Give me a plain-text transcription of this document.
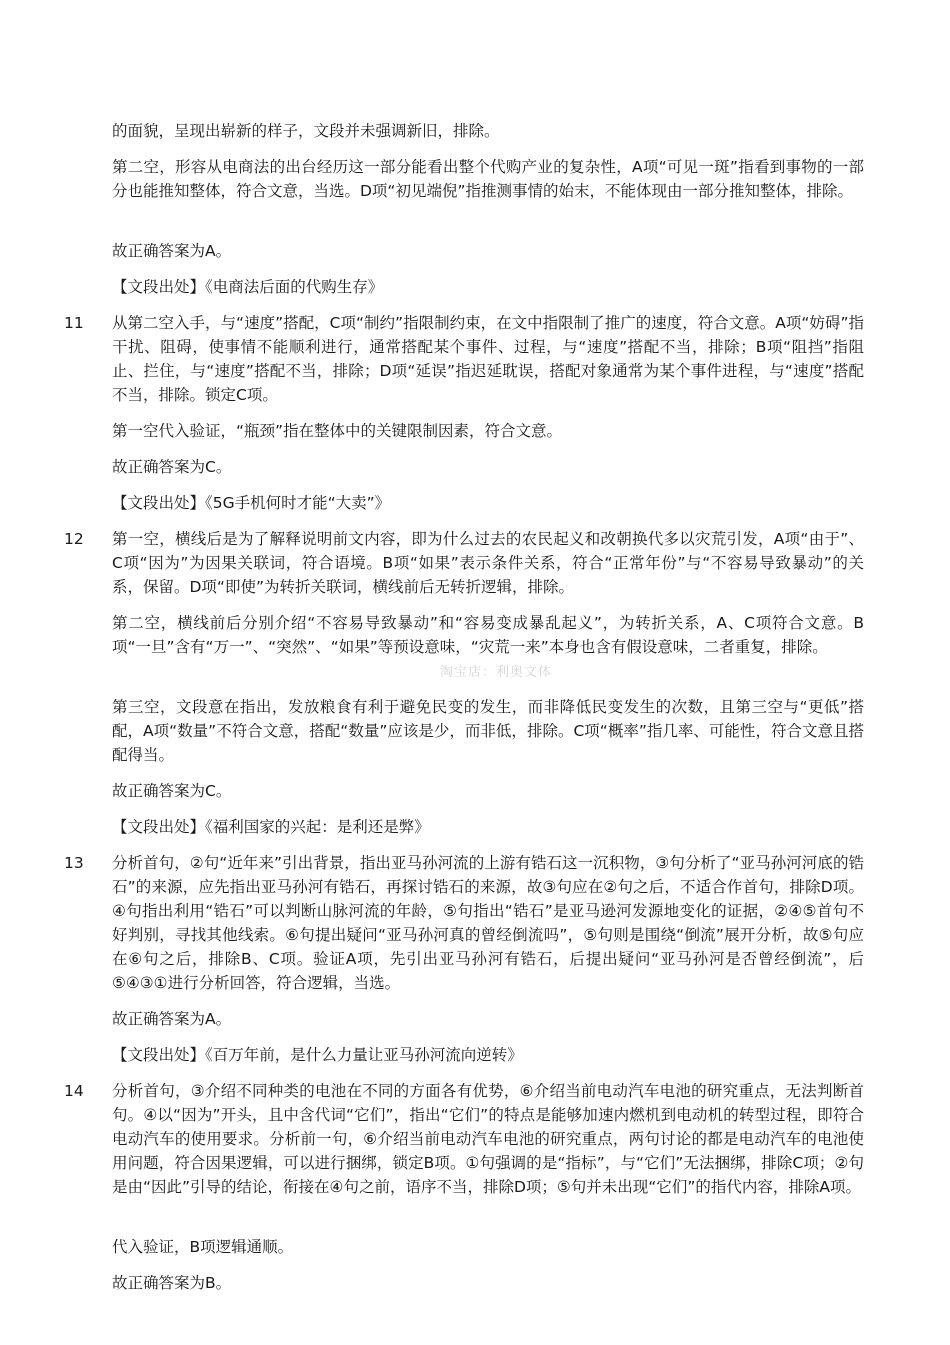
的面貌，呈现出崭新的样子，文段并未强调新旧，排除。

第二空，形容从电商法的出台经历这一部分能看出整个代购产业的复杂性，A项“可见一斑”指看到事物的一部分也能推知整体，符合文意，当选。D项“初见端倪”指推测事情的始末，不能体现由一部分推知整体，排除。

故正确答案为A。

【文段出处】《电商法后面的代购生存》

11 从第二空入手，与“速度”搭配，C项“制约”指限制约束，在文中指限制了推广的速度，符合文意。A项“妨碍”指干扰、阻碍，使事情不能顺利进行，通常搭配某个事件、过程，与“速度”搭配不当，排除；B项“阻挡”指阻止、拦住，与“速度”搭配不当，排除；D项“延误”指迟延耽误，搭配对象通常为某个事件进程，与“速度”搭配不当，排除。锁定C项。

第一空代入验证，“瓶颈”指在整体中的关键限制因素，符合文意。

故正确答案为C。

【文段出处】《5G手机何时才能“大卖”》

12 第一空，横线后是为了解释说明前文内容，即为什么过去的农民起义和改朝换代多以灾荒引发，A项“由于”、 C项“因为”为因果关联词，符合语境。B项“如果”表示条件关系，符合“正常年份”与“不容易导致暴动”的关系，保留。D项“即使”为转折关联词，横线前后无转折逻辑，排除。

第二空，横线前后分别介绍“不容易导致暴动”和“容易变成暴乱起义”，为转折关系，A、C项符合文意。B项“一旦”含有“万一”、“突然”、“如果”等预设意味，“灾荒一来”本身也含有假设意味，二者重复，排除。

第三空，文段意在指出，发放粮食有利于避免民变的发生，而非降低民变发生的次数，且第三空与“更低”搭配，A项“数量”不符合文意，搭配“数量”应该是少，而非低，排除。C项“概率”指几率、可能性，符合文意且搭配得当。

故正确答案为C。

【文段出处】《福利国家的兴起：是利还是弊》

13 分析首句，②句“近年来”引出背景，指出亚马孙河流的上游有锆石这一沉积物，③句分析了“亚马孙河河底的锆石”的来源，应先指出亚马孙河有锆石，再探讨锆石的来源，故③句应在②句之后，不适合作首句，排除D项。④句指出利用“锆石”可以判断山脉河流的年龄，⑤句指出“锆石”是亚马逊河发源地变化的证据，②④⑤首句不好判别，寻找其他线索。⑥句提出疑问“亚马孙河真的曾经倒流吗”，⑤句则是围绕“倒流”展开分析，故⑤句应在⑥句之后，排除B、C项。验证A项，先引出亚马孙河有锆石，后提出疑问“亚马孙河是否曾经倒流”，后⑤④③①进行分析回答，符合逻辑，当选。

故正确答案为A。

【文段出处】《百万年前，是什么力量让亚马孙河流向逆转》

14 分析首句，③介绍不同种类的电池在不同的方面各有优势，⑥介绍当前电动汽车电池的研究重点，无法判断首句。④以“因为”开头，且中含代词“它们”，指出“它们”的特点是能够加速内燃机到电动机的转型过程，即符合电动汽车的使用要求。分析前一句，⑥介绍当前电动汽车电池的研究重点，两句讨论的都是电动汽车的电池使用问题，符合因果逻辑，可以进行捆绑，锁定B项。①句强调的是“指标”，与“它们”无法捆绑，排除C项；②句是由“因此”引导的结论，衔接在④句之前，语序不当，排除D项；⑤句并未出现“它们”的指代内容，排除A项。

代入验证，B项逻辑通顺。

故正确答案为B。

淘宝店：利奥文体
